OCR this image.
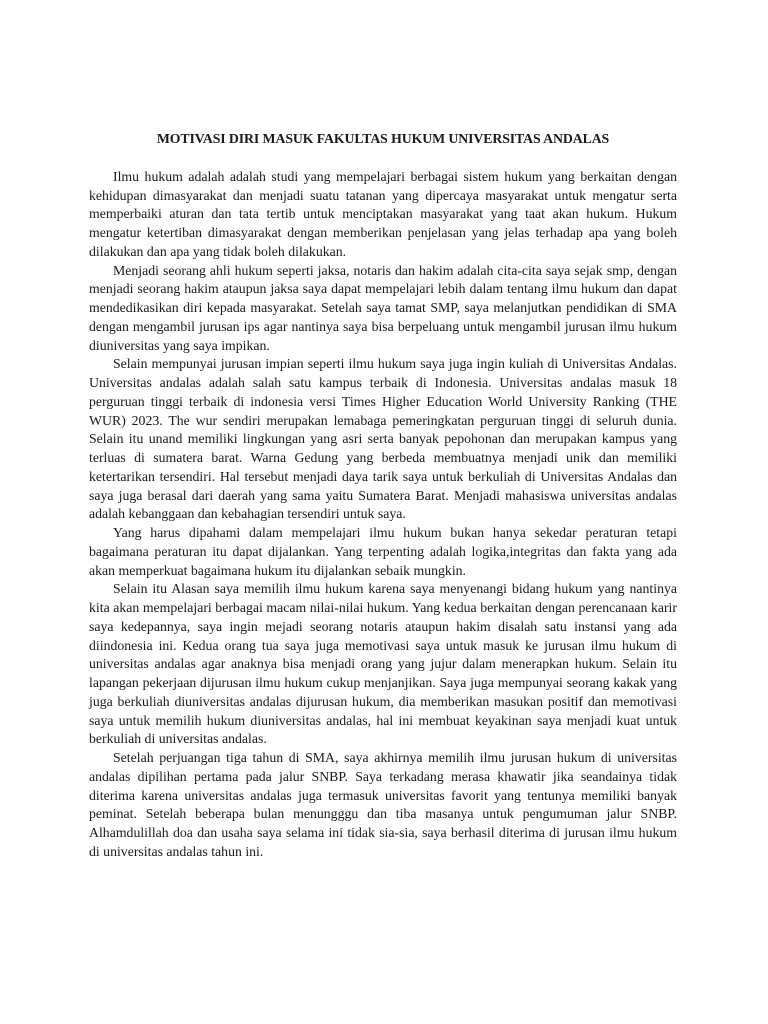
MOTIVASI DIRI MASUK FAKULTAS HUKUM UNIVERSITAS ANDALAS

Ilmu hukum adalah adalah studi yang mempelajari berbagai sistem hukum yang berkaitan dengan kehidupan dimasyarakat dan menjadi suatu tatanan yang dipercaya masyarakat untuk mengatur serta memperbaiki aturan dan tata tertib untuk menciptakan masyarakat yang taat akan hukum. Hukum mengatur ketertiban dimasyarakat dengan memberikan penjelasan yang jelas terhadap apa yang boleh dilakukan dan apa yang tidak boleh dilakukan.

Menjadi seorang ahli hukum seperti jaksa, notaris dan hakim adalah cita-cita saya sejak smp, dengan menjadi seorang hakim ataupun jaksa saya dapat mempelajari lebih dalam tentang ilmu hukum dan dapat mendedikasikan diri kepada masyarakat. Setelah saya tamat SMP, saya melanjutkan pendidikan di SMA dengan mengambil jurusan ips agar nantinya saya bisa berpeluang untuk mengambil jurusan ilmu hukum diuniversitas yang saya impikan.

Selain mempunyai jurusan impian seperti ilmu hukum saya juga ingin kuliah di Universitas Andalas. Universitas andalas adalah salah satu kampus terbaik di Indonesia. Universitas andalas masuk 18 perguruan tinggi terbaik di indonesia versi Times Higher Education World University Ranking (THE WUR) 2023. The wur sendiri merupakan lemabaga pemeringkatan perguruan tinggi di seluruh dunia. Selain itu unand memiliki lingkungan yang asri serta banyak pepohonan dan merupakan kampus yang terluas di sumatera barat. Warna Gedung yang berbeda membuatnya menjadi unik dan memiliki ketertarikan tersendiri. Hal tersebut menjadi daya tarik saya untuk berkuliah di Universitas Andalas dan saya juga berasal dari daerah yang sama yaitu Sumatera Barat. Menjadi mahasiswa universitas andalas adalah kebanggaan dan kebahagian tersendiri untuk saya.

Yang harus dipahami dalam mempelajari ilmu hukum bukan hanya sekedar peraturan tetapi bagaimana peraturan itu dapat dijalankan. Yang terpenting adalah logika,integritas dan fakta yang ada akan memperkuat bagaimana hukum itu dijalankan sebaik mungkin.

Selain itu Alasan saya memilih ilmu hukum karena saya menyenangi bidang hukum yang nantinya kita akan mempelajari berbagai macam nilai-nilai hukum. Yang kedua berkaitan dengan perencanaan karir saya kedepannya, saya ingin mejadi seorang notaris ataupun hakim disalah satu instansi yang ada diindonesia ini. Kedua orang tua saya juga memotivasi saya untuk masuk ke jurusan ilmu hukum di universitas andalas agar anaknya bisa menjadi orang yang jujur dalam menerapkan hukum. Selain itu lapangan pekerjaan dijurusan ilmu hukum cukup menjanjikan. Saya juga mempunyai seorang kakak yang juga berkuliah diuniversitas andalas dijurusan hukum, dia memberikan masukan positif dan memotivasi saya untuk memilih hukum diuniversitas andalas, hal ini membuat keyakinan saya menjadi kuat untuk berkuliah di universitas andalas.

Setelah perjuangan tiga tahun di SMA, saya akhirnya memilih ilmu jurusan hukum di universitas andalas dipilihan pertama pada jalur SNBP. Saya terkadang merasa khawatir jika seandainya tidak diterima karena universitas andalas juga termasuk universitas favorit yang tentunya memiliki banyak peminat. Setelah beberapa bulan menungggu dan tiba masanya untuk pengumuman jalur SNBP. Alhamdulillah doa dan usaha saya selama ini tidak sia-sia, saya berhasil diterima di jurusan ilmu hukum di universitas andalas tahun ini.
